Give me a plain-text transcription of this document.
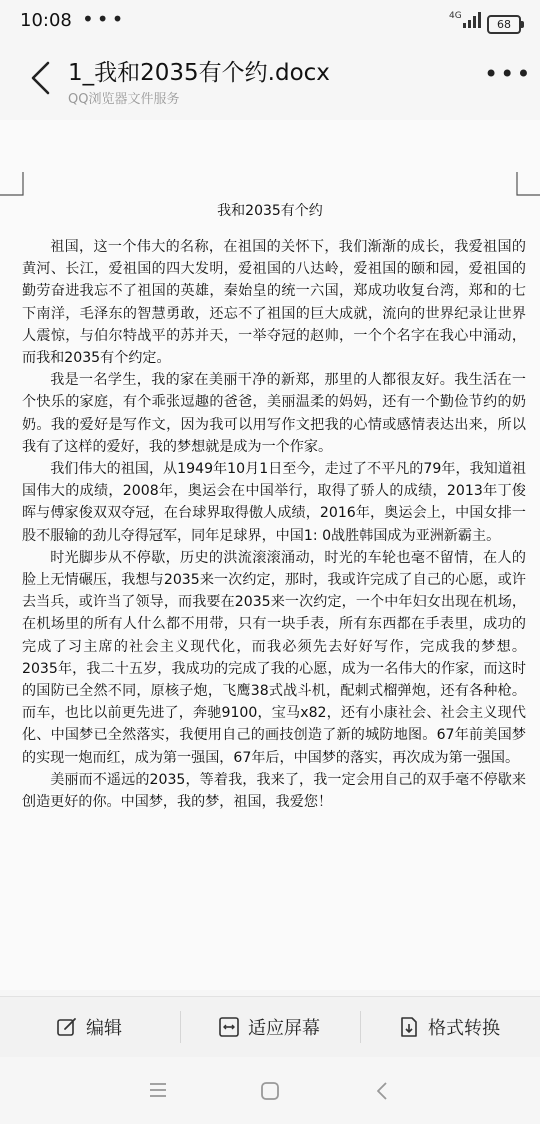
10:08 •••	4G
68
1_我和2035有个约.docx
QQ浏览器文件服务
•••
我和2035有个约

祖国，这一个伟大的名称，在祖国的关怀下，我们渐渐的成长，我爱祖国的黄河、长江，爱祖国的四大发明，爱祖国的八达岭，爱祖国的颐和园，爱祖国的勤劳奋进我忘不了祖国的英雄，秦始皇的统一六国，郑成功收复台湾，郑和的七下南洋，毛泽东的智慧勇敢，还忘不了祖国的巨大成就，流向的世界纪录让世界人震惊，与伯尔特战平的苏并天，一举夺冠的赵帅，一个个名字在我心中涌动，而我和2035有个约定。

我是一名学生，我的家在美丽干净的新郑，那里的人都很友好。我生活在一个快乐的家庭，有个乖张逗趣的爸爸，美丽温柔的妈妈，还有一个勤俭节约的奶奶。我的爱好是写作文，因为我可以用写作文把我的心情或感情表达出来，所以我有了这样的爱好，我的梦想就是成为一个作家。

我们伟大的祖国，从1949年10月1日至今，走过了不平凡的79年，我知道祖国伟大的成绩，2008年，奥运会在中国举行，取得了骄人的成绩，2013年丁俊晖与傅家俊双双夺冠，在台球界取得傲人成绩，2016年，奥运会上，中国女排一股不服输的劲儿夺得冠军，同年足球界，中国1: 0战胜韩国成为亚洲新霸主。

时光脚步从不停歇，历史的洪流滚滚涌动，时光的车轮也毫不留情，在人的脸上无情碾压，我想与2035来一次约定，那时，我或许完成了自己的心愿，或许去当兵，或许当了领导，而我要在2035来一次约定，一个中年妇女出现在机场，在机场里的所有人什么都不用带，只有一块手表，所有东西都在手表里，成功的完成了习主席的社会主义现代化，而我必须先去好好写作，完成我的梦想。 2035年，我二十五岁，我成功的完成了我的心愿，成为一名伟大的作家，而这时的国防已全然不同，原核子炮，飞鹰38式战斗机，配刺式榴弹炮，还有各种枪。而车，也比以前更先进了，奔驰9100，宝马x82，还有小康社会、社会主义现代化、中国梦已全然落实，我便用自己的画技创造了新的城防地图。67年前美国梦的实现一炮而红，成为第一强国，67年后，中国梦的落实，再次成为第一强国。

美丽而不遥远的2035，等着我，我来了，我一定会用自己的双手毫不停歇来创造更好的你。中国梦，我的梦，祖国，我爱您！

编辑	适应屏幕	格式转换
